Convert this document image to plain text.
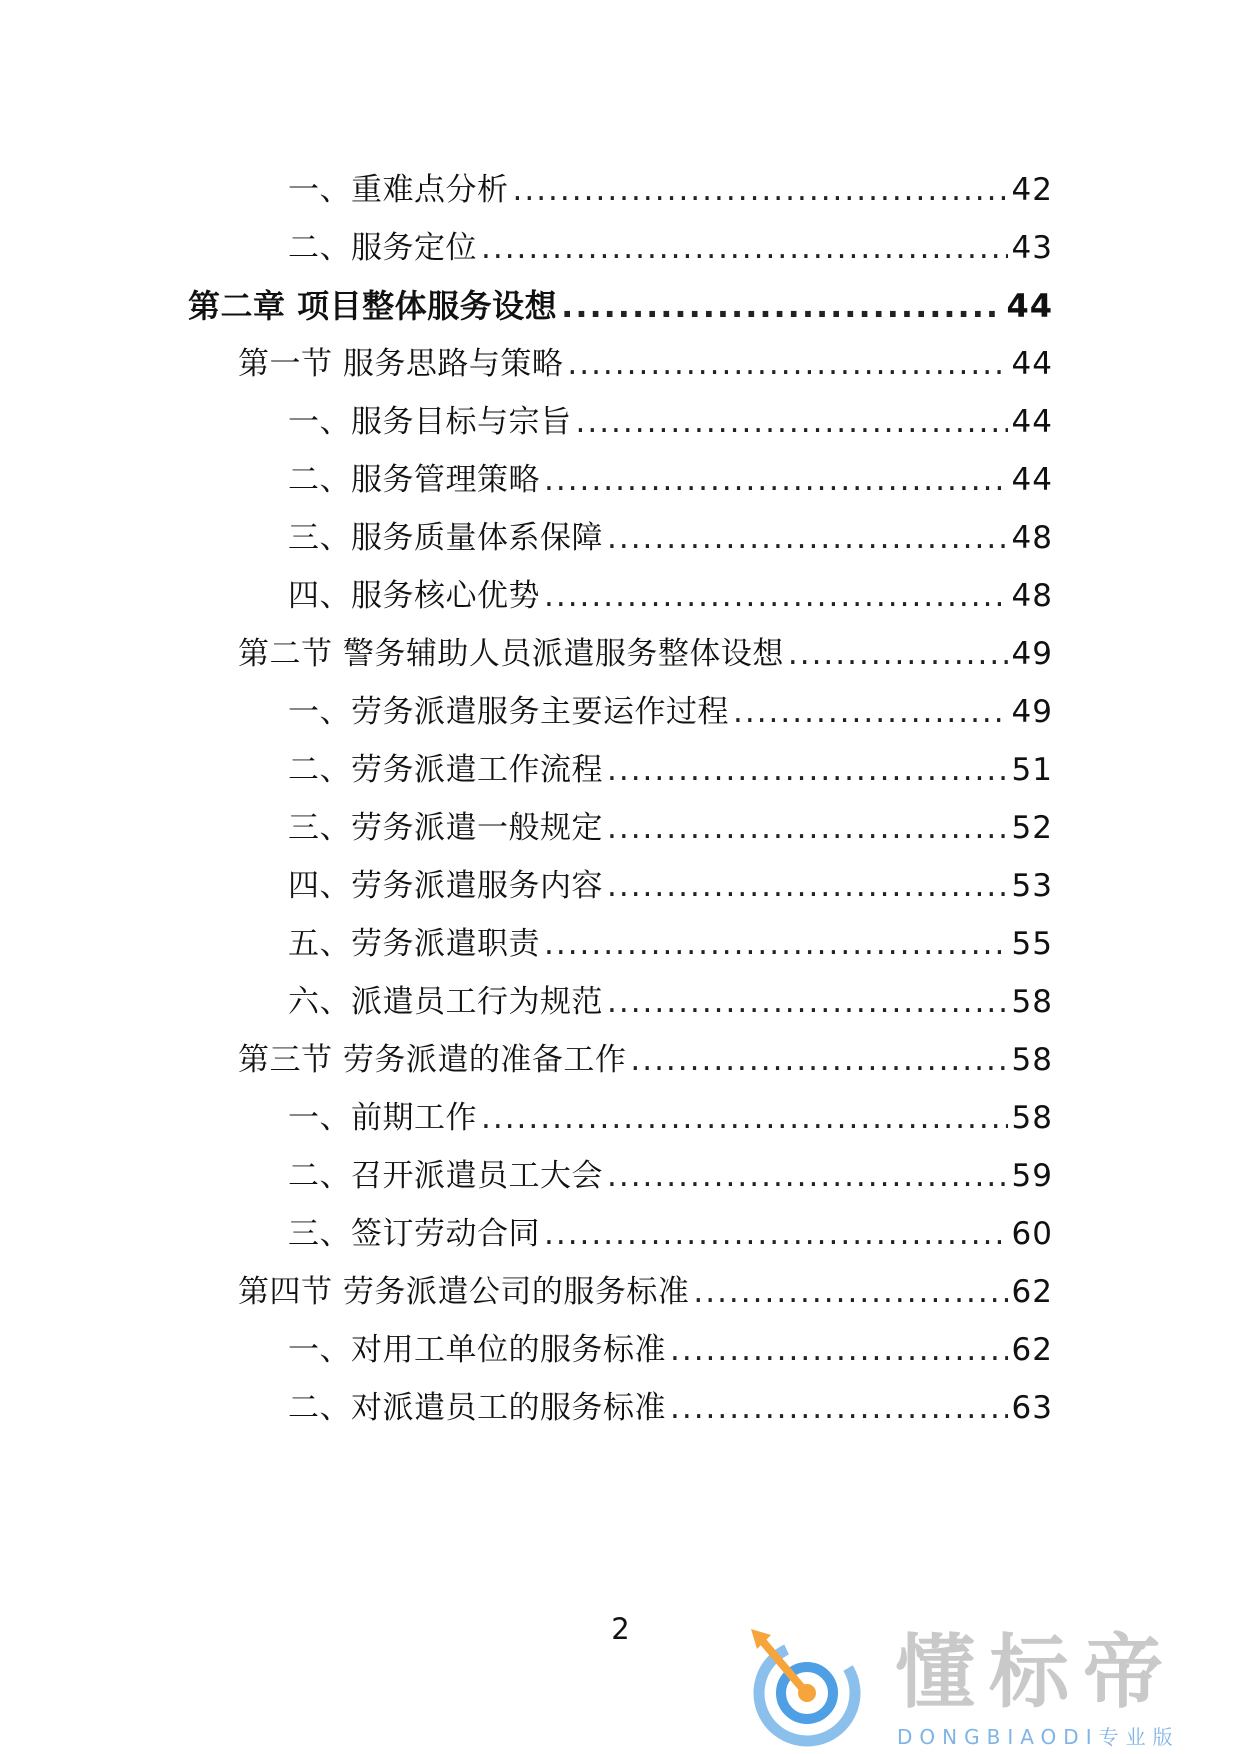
一、重难点分析 .....	42
二、服务定位 .....	43
第二章 项目整体服务设想 .....	44
第一节 服务思路与策略 .....	44
一、服务目标与宗旨 .....	44
二、服务管理策略 .....	44
三、服务质量体系保障 .....	48
四、服务核心优势 .....	48
第二节 警务辅助人员派遣服务整体设想 .....	49
一、劳务派遣服务主要运作过程 .....	49
二、劳务派遣工作流程 .....	51
三、劳务派遣一般规定 .....	52
四、劳务派遣服务内容 .....	53
五、劳务派遣职责 .....	55
六、派遣员工行为规范 .....	58
第三节 劳务派遣的准备工作 .....	58
一、前期工作 .....	58
二、召开派遣员工大会 .....	59
三、签订劳动合同 .....	60
第四节 劳务派遣公司的服务标准 .....	62
一、对用工单位的服务标准 .....	62
二、对派遣员工的服务标准 .....	63
2	懂标帝
DONGBIAODI专业版
